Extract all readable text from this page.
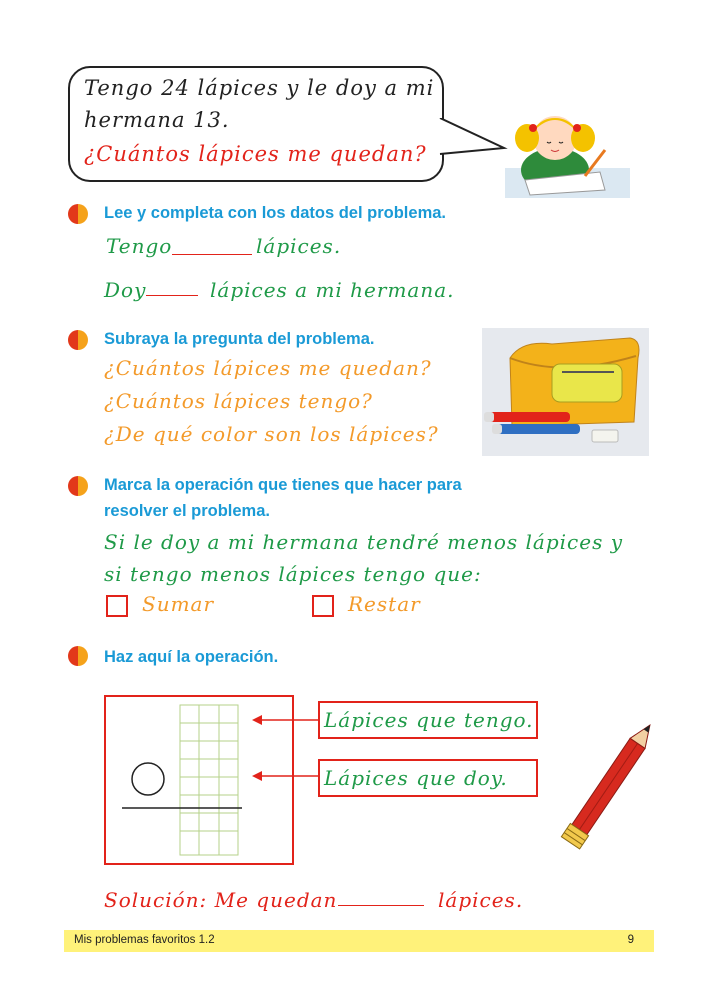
Tengo 24 lápices y le doy a mi
hermana 13.
¿Cuántos lápices me quedan?
Lee y completa con los datos del problema.
Tengo	lápices.
Doy	lápices a mi hermana.
Subraya la pregunta del problema.
¿Cuántos lápices me quedan?
¿Cuántos lápices tengo?
¿De qué color son los lápices?
Marca la operación que tienes que hacer para
resolver el problema.
Si le doy a mi hermana tendré menos lápices y
si tengo menos lápices tengo que:
Sumar	Restar
Haz aquí la operación.
Lápices que tengo.
Lápices que doy.
Solución: Me quedan	lápices.
Mis problemas favoritos 1.2	9
